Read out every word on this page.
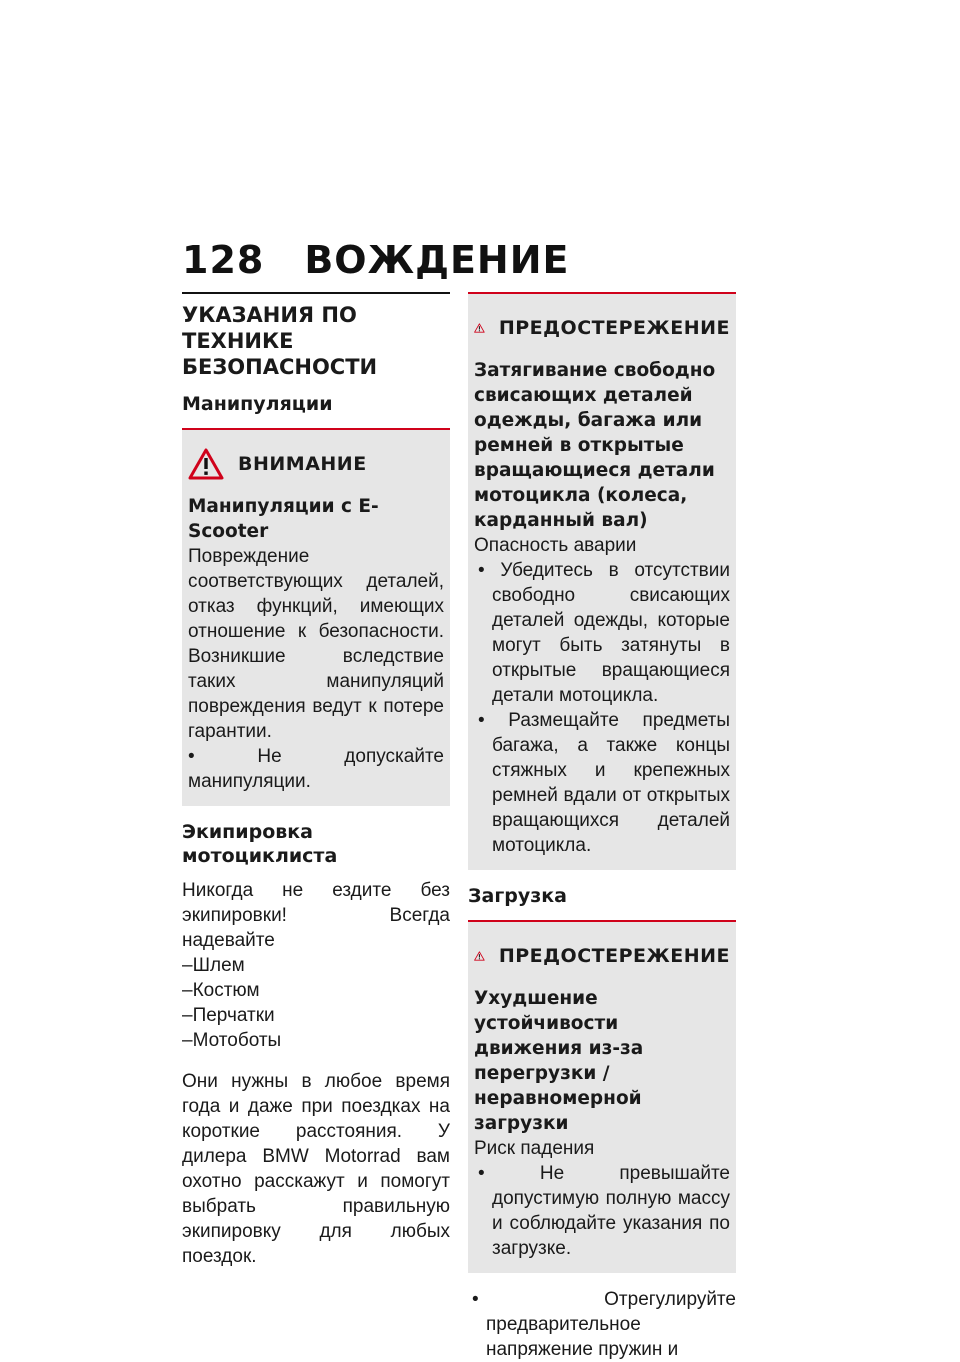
128 ВОЖДЕНИЕ
УКАЗАНИЯ ПО ТЕХНИКЕ БЕЗОПАСНОСТИ
Манипуляции
ВНИМАНИЕ

Манипуляции с E-Scooter

Повреждение соответствующих деталей, отказ функций, имеющих отношение к безопасности. Возникшие вследствие таких манипуляций повреждения ведут к потере гарантии.

• Не допускайте манипуляции.
Экипировка мотоциклиста

Никогда не ездите без экипировки! Всегда надевайте

–Шлем
–Костюм
–Перчатки
–Мотоботы

Они нужны в любое время года и даже при поездках на короткие расстояния. У дилера BMW Motorrad вам охотно расскажут и помогут выбрать правильную экипировку для любых поездок.

ПРЕДОСТЕРЕЖЕНИЕ

Затягивание свободно свисающих деталей одежды, багажа или ремней в открытые вращающиеся детали мотоцикла (колеса, карданный вал)

Опасность аварии

• Убедитесь в отсутствии свободно свисающих деталей одежды, которые могут быть затянуты в открытые вращающиеся детали мотоцикла.
• Размещайте предметы багажа, а также концы стяжных и крепежных ремней вдали от открытых вращающихся деталей мотоцикла.
Загрузка
ПРЕДОСТЕРЕЖЕНИЕ

Ухудшение устойчивости движения из-за перегрузки / неравномерной загрузки

Риск падения

• Не превышайте допустимую полную массу и соблюдайте указания по загрузке.
• Отрегулируйте предварительное напряжение пружин и
